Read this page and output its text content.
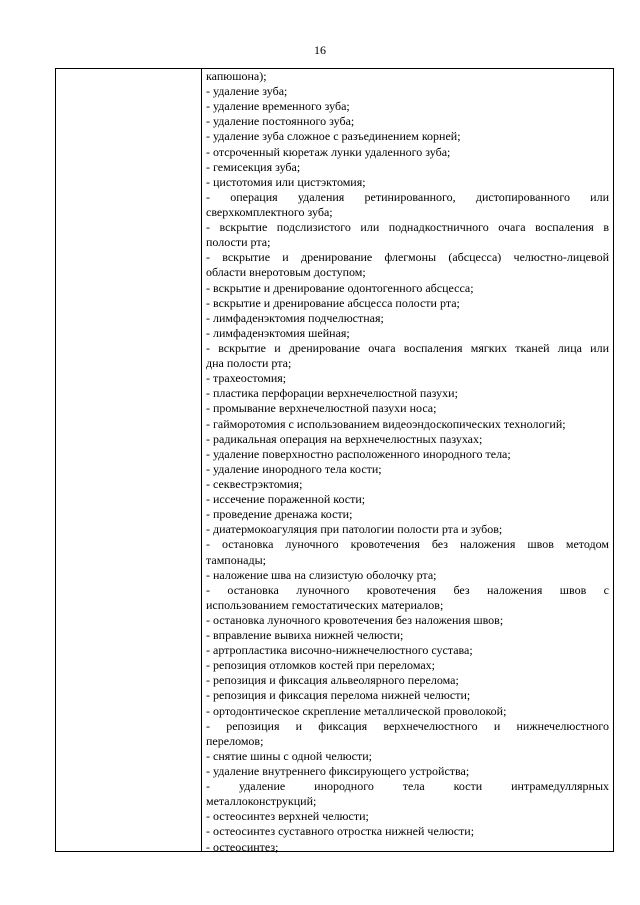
16
капюшона);
- удаление зуба;
- удаление временного зуба;
- удаление постоянного зуба;
- удаление зуба сложное с разъединением корней;
- отсроченный кюретаж лунки удаленного зуба;
- гемисекция зуба;
- цистотомия или цистэктомия;
- операция удаления ретинированного, дистопированного или
сверхкомплектного зуба;
- вскрытие подслизистого или поднадкостничного очага воспаления в
полости рта;
- вскрытие и дренирование флегмоны (абсцесса) челюстно-лицевой
области внеротовым доступом;
- вскрытие и дренирование одонтогенного абсцесса;
- вскрытие и дренирование абсцесса полости рта;
- лимфаденэктомия подчелюстная;
- лимфаденэктомия шейная;
- вскрытие и дренирование очага воспаления мягких тканей лица или
дна полости рта;
- трахеостомия;
- пластика перфорации верхнечелюстной пазухи;
- промывание верхнечелюстной пазухи носа;
- гайморотомия с использованием видеоэндоскопических технологий;
- радикальная операция на верхнечелюстных пазухах;
- удаление поверхностно расположенного инородного тела;
- удаление инородного тела кости;
- секвестрэктомия;
- иссечение пораженной кости;
- проведение дренажа кости;
- диатермокоагуляция при патологии полости рта и зубов;
- остановка луночного кровотечения без наложения швов методом
тампонады;
- наложение шва на слизистую оболочку рта;
- остановка луночного кровотечения без наложения швов с
использованием гемостатических материалов;
- остановка луночного кровотечения без наложения швов;
- вправление вывиха нижней челюсти;
- артропластика височно-нижнечелюстного сустава;
- репозиция отломков костей при переломах;
- репозиция и фиксация альвеолярного перелома;
- репозиция и фиксация перелома нижней челюсти;
- ортодонтическое скрепление металлической проволокой;
- репозиция и фиксация верхнечелюстного и нижнечелюстного
переломов;
- снятие шины с одной челюсти;
- удаление внутреннего фиксирующего устройства;
- удаление инородного тела кости интрамедуллярных
металлоконструкций;
- остеосинтез верхней челюсти;
- остеосинтез суставного отростка нижней челюсти;
- остеосинтез;
